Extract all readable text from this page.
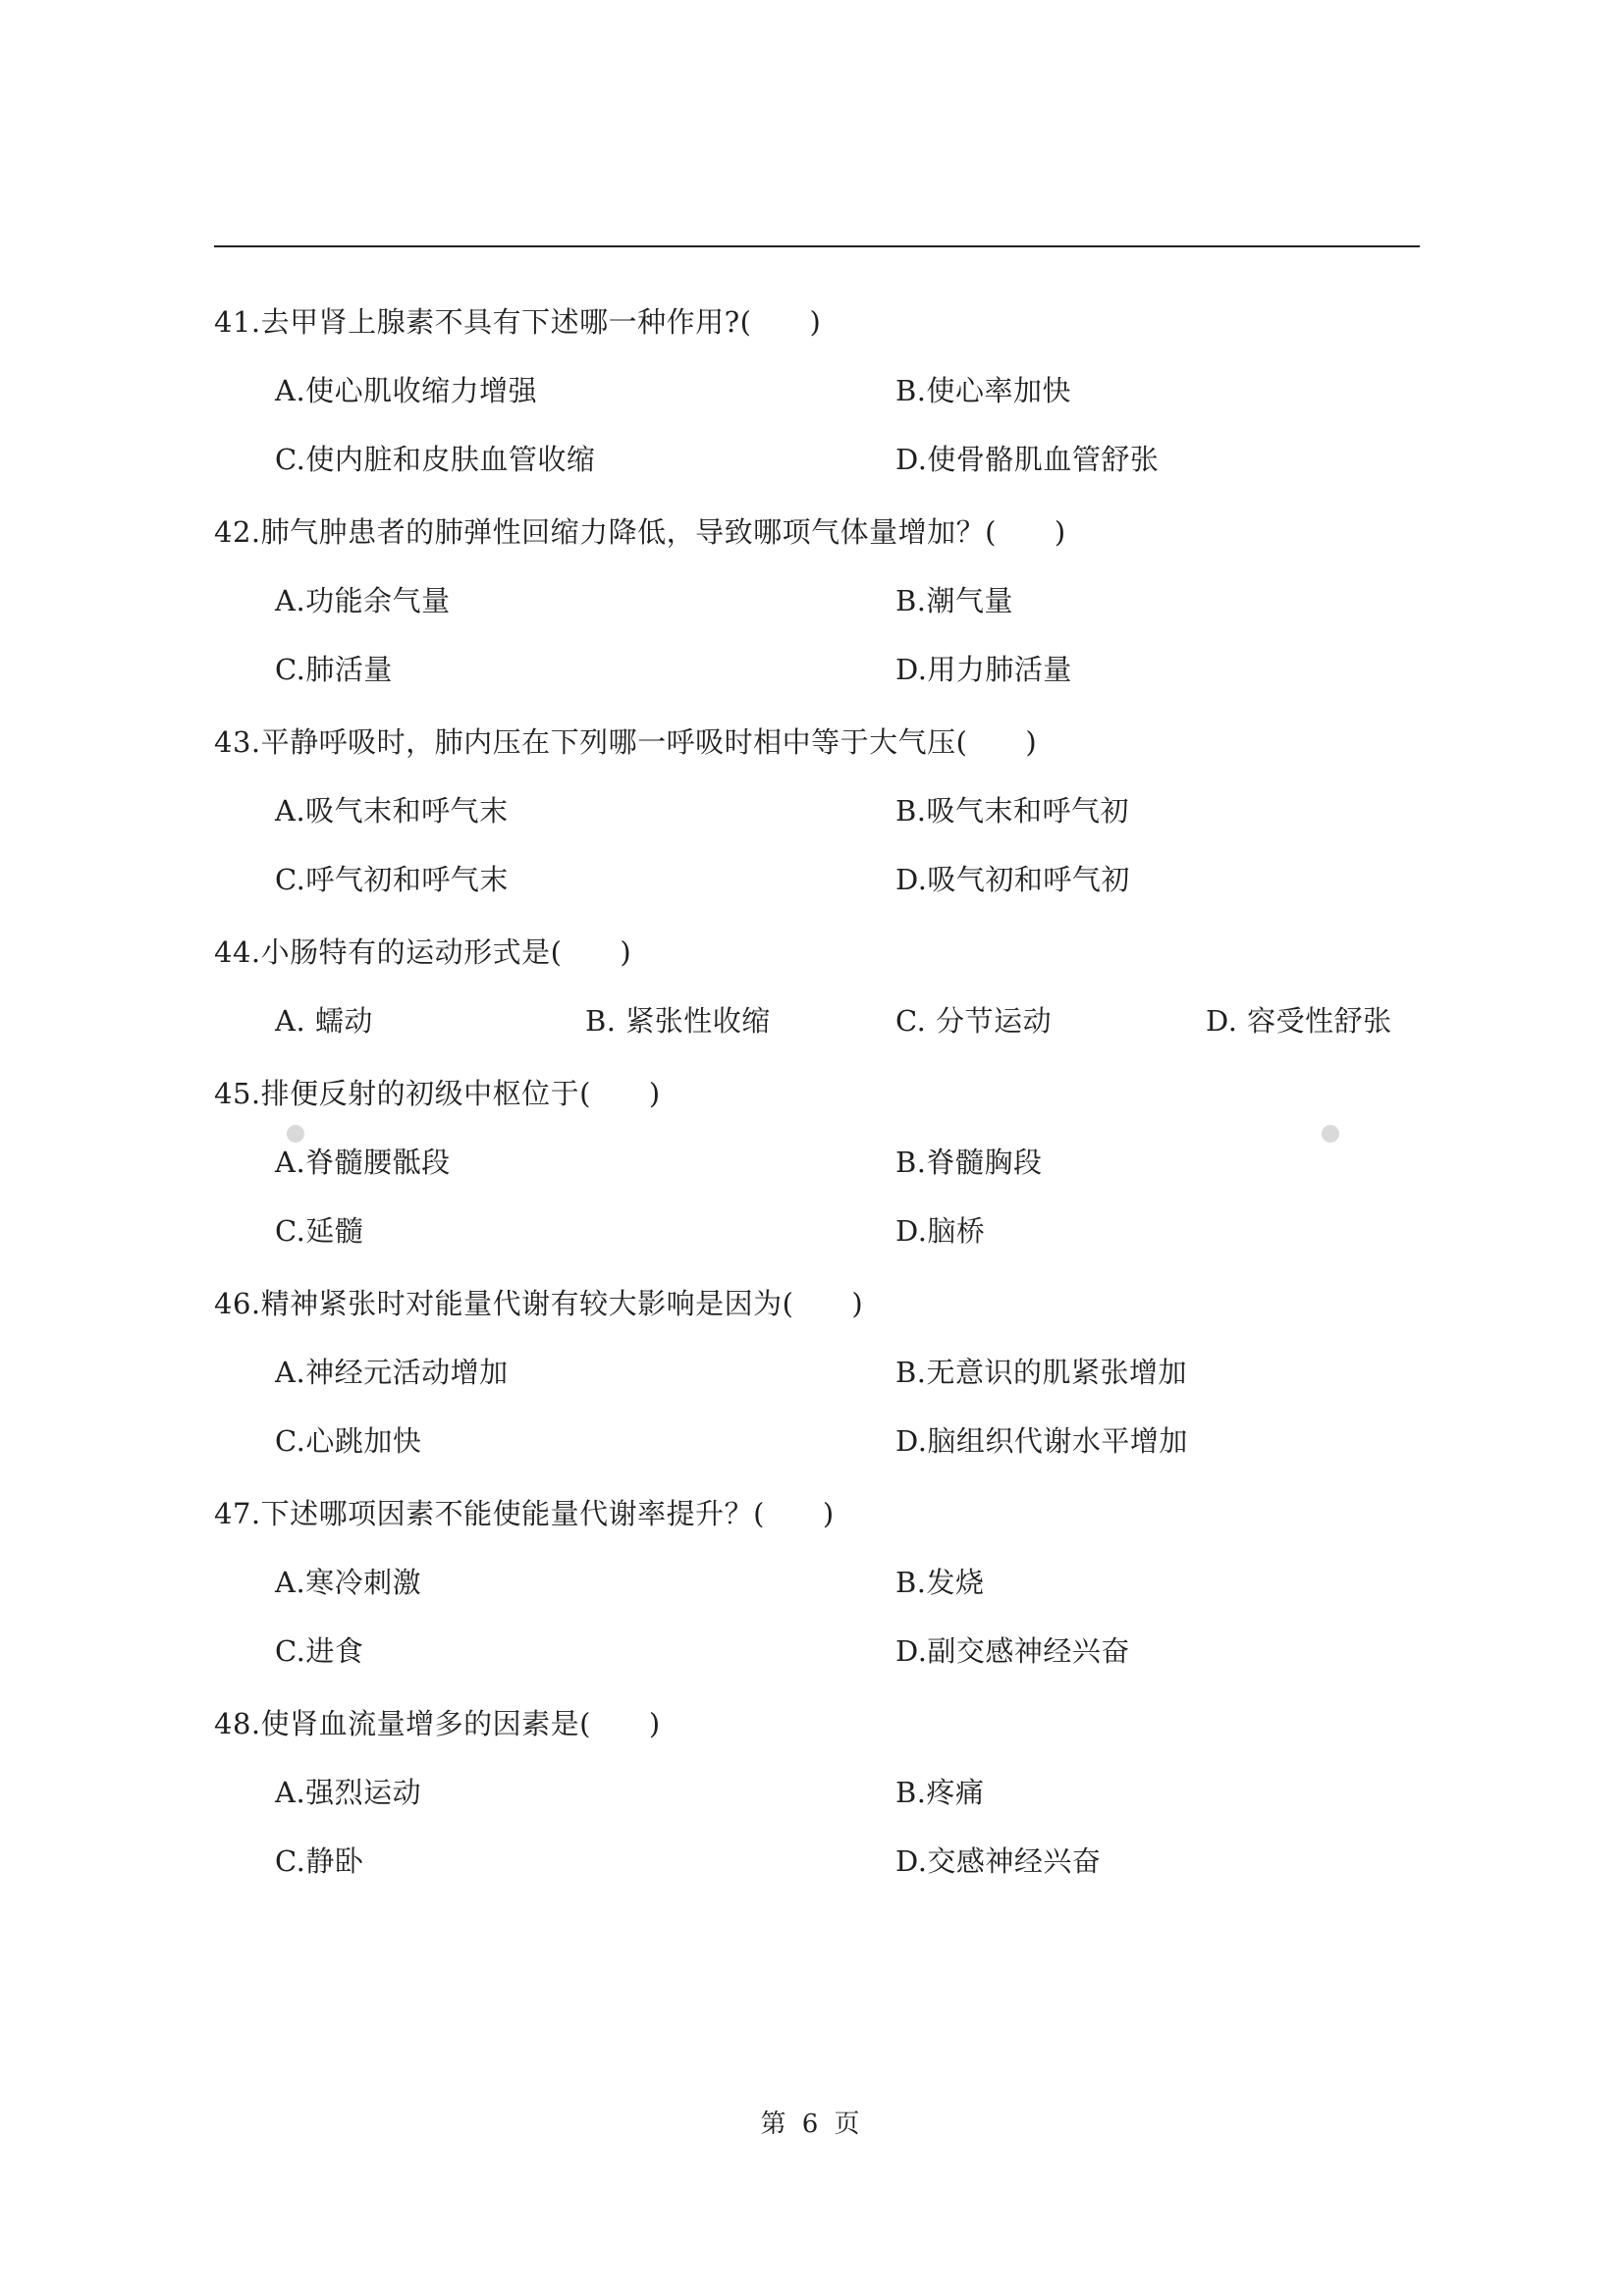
41.去甲肾上腺素不具有下述哪一种作用?(　　)
A.使心肌收缩力增强	B.使心率加快
C.使内脏和皮肤血管收缩	D.使骨骼肌血管舒张
42.肺气肿患者的肺弹性回缩力降低，导致哪项气体量增加？(　　)
A.功能余气量	B.潮气量
C.肺活量	D.用力肺活量
43.平静呼吸时，肺内压在下列哪一呼吸时相中等于大气压(　　)
A.吸气末和呼气末	B.吸气末和呼气初
C.呼气初和呼气末	D.吸气初和呼气初
44.小肠特有的运动形式是(　　)
A. 蠕动	B. 紧张性收缩	C. 分节运动	D. 容受性舒张
45.排便反射的初级中枢位于(　　)
A.脊髓腰骶段	B.脊髓胸段
C.延髓	D.脑桥
46.精神紧张时对能量代谢有较大影响是因为(　　)
A.神经元活动增加	B.无意识的肌紧张增加
C.心跳加快	D.脑组织代谢水平增加
47.下述哪项因素不能使能量代谢率提升？(　　)
A.寒冷刺激	B.发烧
C.进食	D.副交感神经兴奋
48.使肾血流量增多的因素是(　　)
A.强烈运动	B.疼痛
C.静卧	D.交感神经兴奋
第 6 页
